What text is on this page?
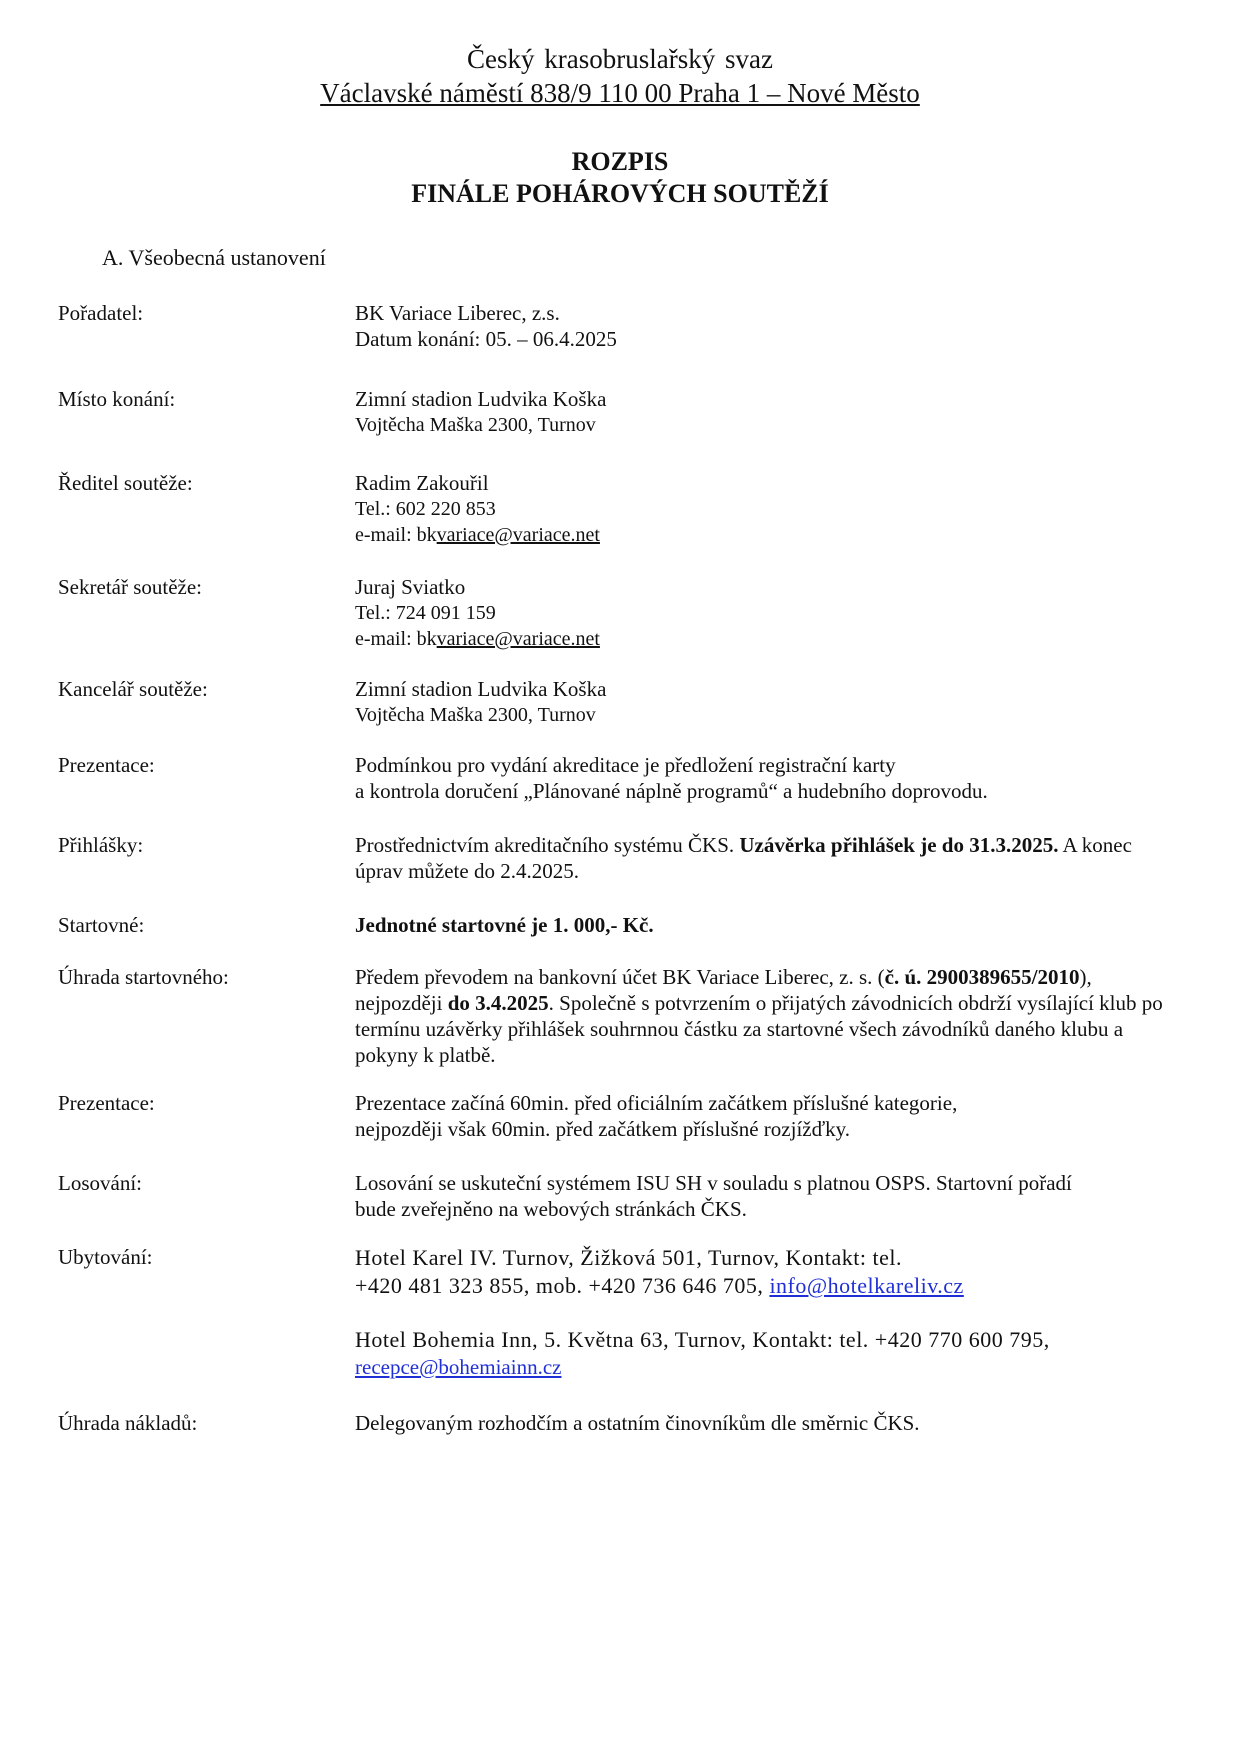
Český krasobruslařský svaz
Václavské náměstí 838/9 110 00 Praha 1 – Nové Město
ROZPIS
FINÁLE POHÁROVÝCH SOUTĚŽÍ
A. Všeobecná ustanovení
Pořadatel:	BK Variace Liberec, z.s.
Datum konání: 05. – 06.4.2025
Místo konání:	Zimní stadion Ludvika Koška
Vojtěcha Maška 2300, Turnov
Ředitel soutěže:	Radim Zakouřil
Tel.: 602 220 853
e-mail: bkvariace@variace.net
Sekretář soutěže:	Juraj Sviatko
Tel.: 724 091 159
e-mail: bkvariace@variace.net
Kancelář soutěže:	Zimní stadion Ludvika Koška
Vojtěcha Maška 2300, Turnov
Prezentace:	Podmínkou pro vydání akreditace je předložení registrační karty
a kontrola doručení „Plánované náplně programů“ a hudebního doprovodu.
Přihlášky:	Prostřednictvím akreditačního systému ČKS. Uzávěrka přihlášek je do 31.3.2025. A konec úprav můžete do 2.4.2025.
Startovné:	Jednotné startovné je 1. 000,- Kč.
Úhrada startovného:	Předem převodem na bankovní účet BK Variace Liberec, z. s. (č. ú. 2900389655/2010), nejpozději do 3.4.2025. Společně s potvrzením o přijatých závodnicích obdrží vysílající klub po termínu uzávěrky přihlášek souhrnnou částku za startovné všech závodníků daného klubu a pokyny k platbě.
Prezentace:	Prezentace začíná 60min. před oficiálním začátkem příslušné kategorie,
nejpozději však 60min. před začátkem příslušné rozjížďky.
Losování:	Losování se uskuteční systémem ISU SH v souladu s platnou OSPS. Startovní pořadí
bude zveřejněno na webových stránkách ČKS.
Ubytování:	Hotel Karel IV. Turnov, Žižková 501, Turnov, Kontakt: tel.
+420 481 323 855, mob. +420 736 646 705, info@hotelkareliv.cz
Hotel Bohemia Inn, 5. Května 63, Turnov, Kontakt: tel. +420 770 600 795,
recepce@bohemiainn.cz
Úhrada nákladů:	Delegovaným rozhodčím a ostatním činovníkům dle směrnic ČKS.
